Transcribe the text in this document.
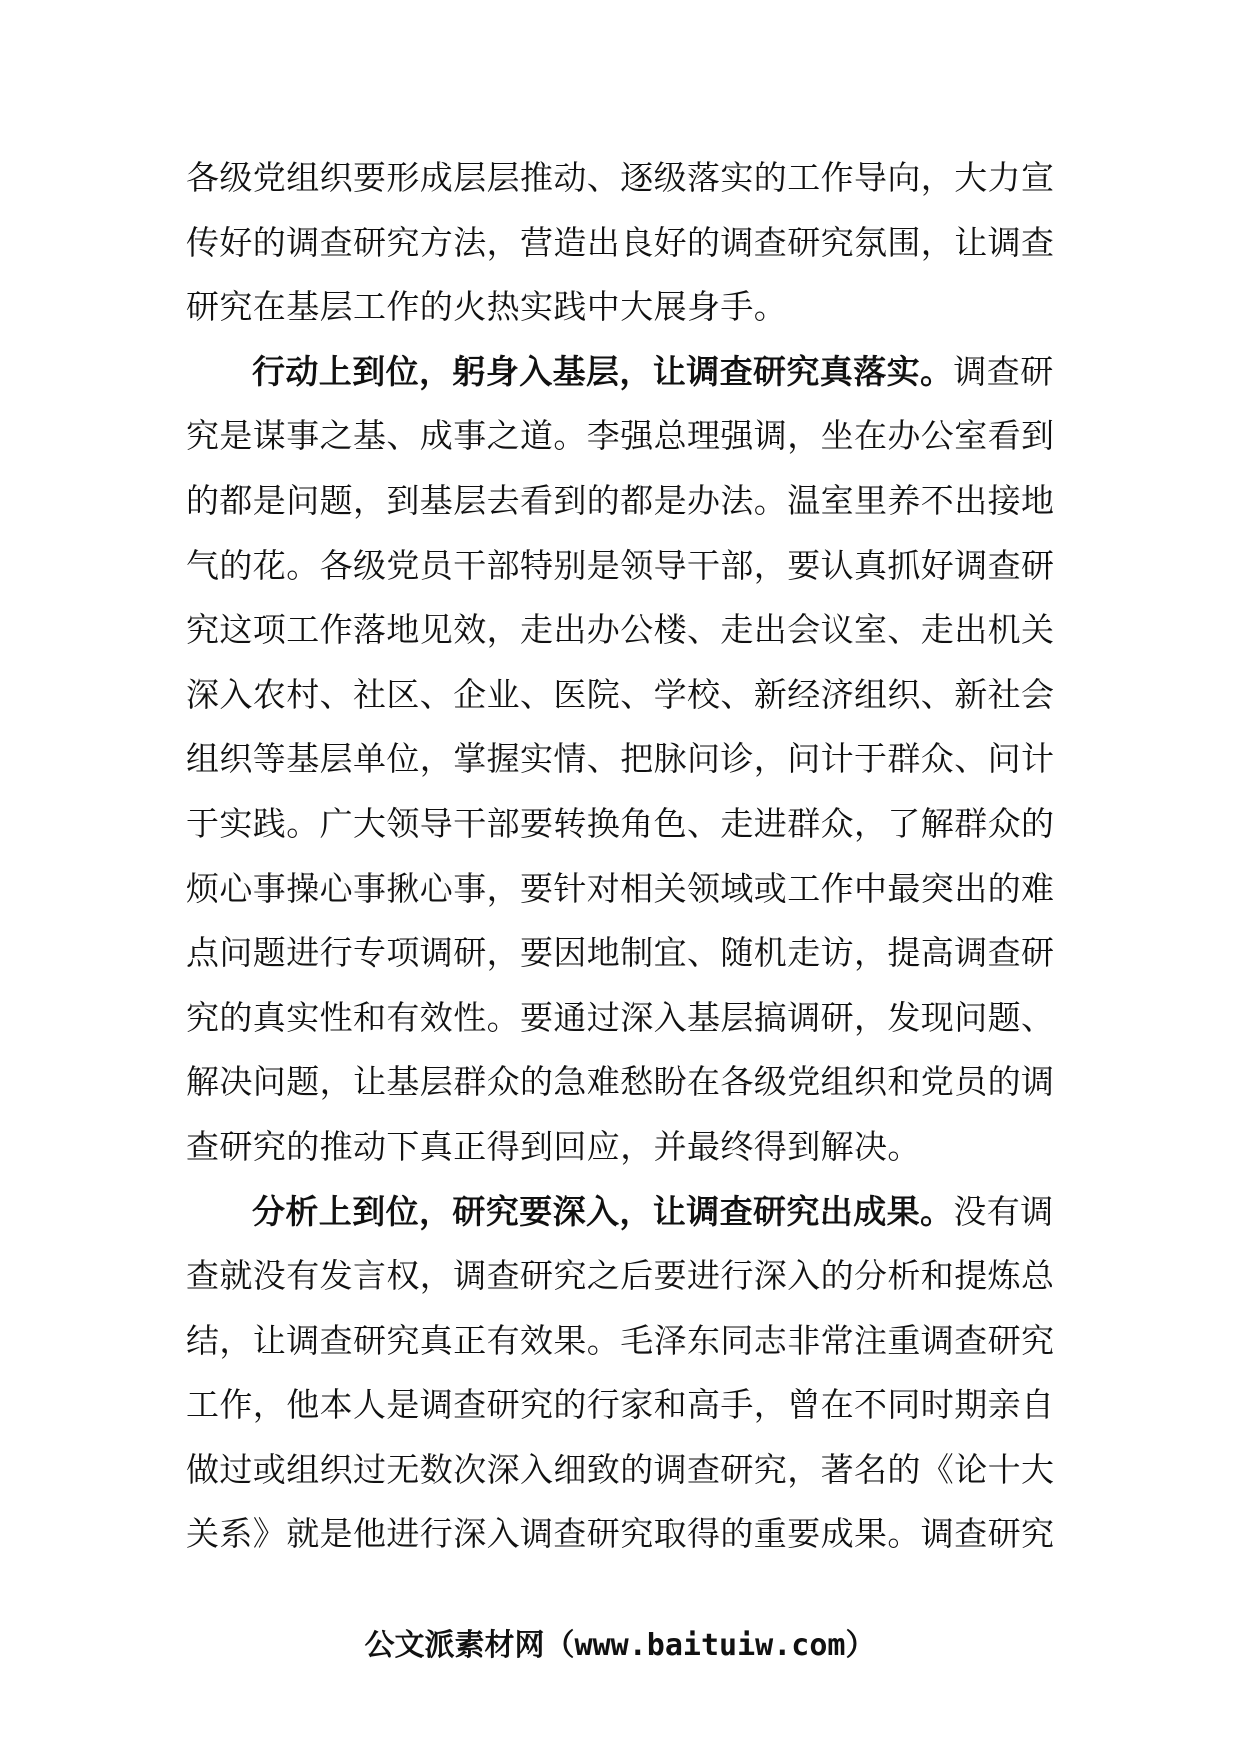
各级党组织要形成层层推动、逐级落实的工作导向，大力宣
传好的调查研究方法，营造出良好的调查研究氛围，让调查
研究在基层工作的火热实践中大展身手。
行动上到位，躬身入基层，让调查研究真落实。调查研
究是谋事之基、成事之道。李强总理强调，坐在办公室看到
的都是问题，到基层去看到的都是办法。温室里养不出接地
气的花。各级党员干部特别是领导干部，要认真抓好调查研
究这项工作落地见效，走出办公楼、走出会议室、走出机关
深入农村、社区、企业、医院、学校、新经济组织、新社会
组织等基层单位，掌握实情、把脉问诊，问计于群众、问计
于实践。广大领导干部要转换角色、走进群众，了解群众的
烦心事操心事揪心事，要针对相关领域或工作中最突出的难
点问题进行专项调研，要因地制宜、随机走访，提高调查研
究的真实性和有效性。要通过深入基层搞调研，发现问题、
解决问题，让基层群众的急难愁盼在各级党组织和党员的调
查研究的推动下真正得到回应，并最终得到解决。
分析上到位，研究要深入，让调查研究出成果。没有调
查就没有发言权，调查研究之后要进行深入的分析和提炼总
结，让调查研究真正有效果。毛泽东同志非常注重调查研究
工作，他本人是调查研究的行家和高手，曾在不同时期亲自
做过或组织过无数次深入细致的调查研究，著名的《论十大
关系》就是他进行深入调查研究取得的重要成果。调查研究
公文派素材网（www.baituiw.com）
